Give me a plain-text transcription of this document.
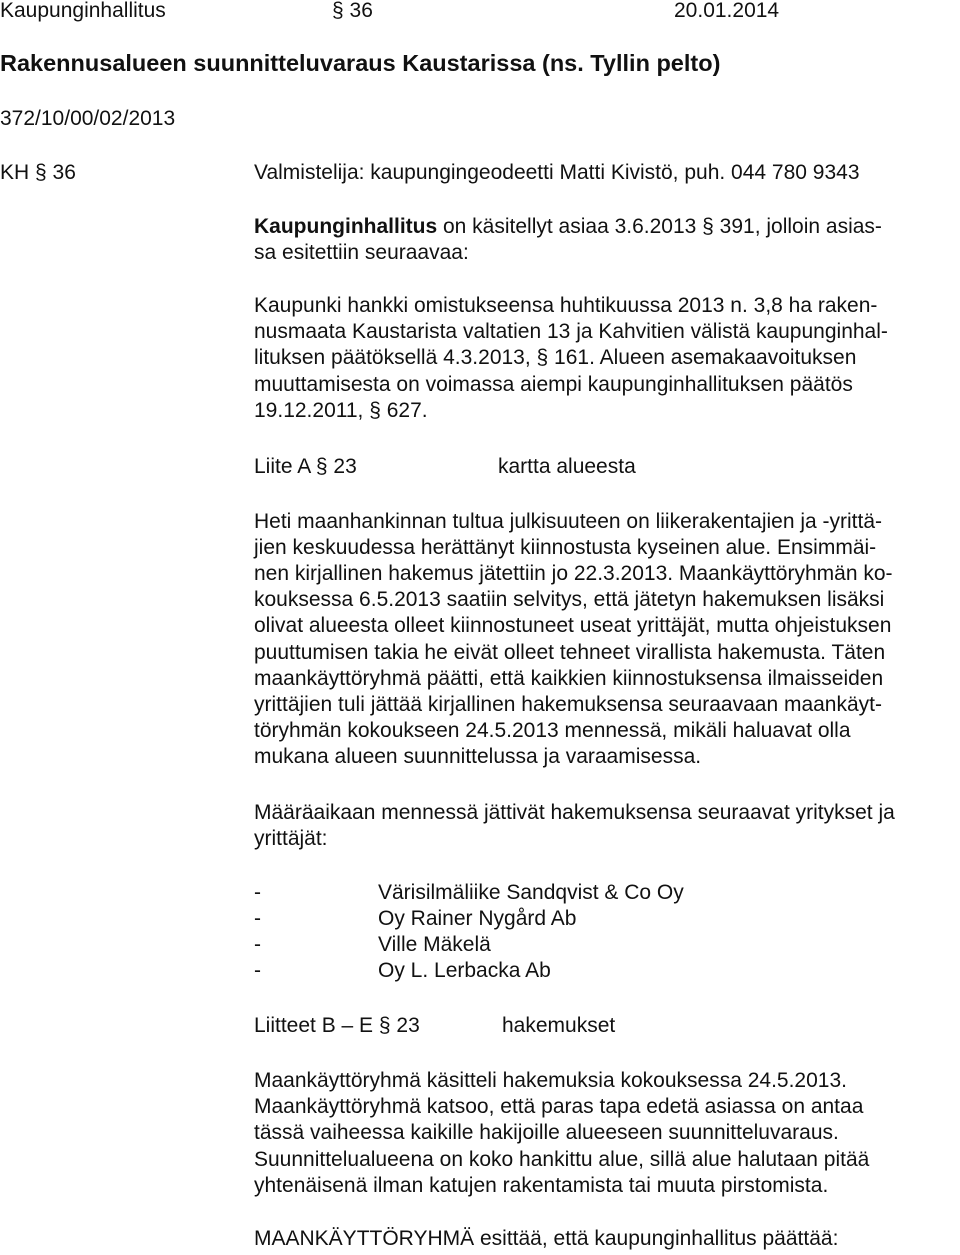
Kaupunginhallitus	§ 36	20.01.2014
Rakennusalueen suunnitteluvaraus Kaustarissa (ns. Tyllin pelto)
372/10/00/02/2013
KH § 36	Valmistelija: kaupungingeodeetti Matti Kivistö, puh. 044 780 9343
Kaupunginhallitus on käsitellyt asiaa 3.6.2013 § 391, jolloin asias-
sa esitettiin seuraavaa:
Kaupunki hankki omistukseensa huhtikuussa 2013 n. 3,8 ha raken-
nusmaata Kaustarista valtatien 13 ja Kahvitien välistä kaupunginhal-
lituksen päätöksellä 4.3.2013, § 161. Alueen asemakaavoituksen
muuttamisesta on voimassa aiempi kaupunginhallituksen päätös
19.12.2011, § 627.
Liite A § 23	kartta alueesta
Heti maanhankinnan tultua julkisuuteen on liikerakentajien ja -yrittä-
jien keskuudessa herättänyt kiinnostusta kyseinen alue. Ensimmäi-
nen kirjallinen hakemus jätettiin jo 22.3.2013. Maankäyttöryhmän ko-
kouksessa 6.5.2013 saatiin selvitys, että jätetyn hakemuksen lisäksi
olivat alueesta olleet kiinnostuneet useat yrittäjät, mutta ohjeistuksen
puuttumisen takia he eivät olleet tehneet virallista hakemusta. Täten
maankäyttöryhmä päätti, että kaikkien kiinnostuksensa ilmaisseiden
yrittäjien tuli jättää kirjallinen hakemuksensa seuraavaan maankäyt-
töryhmän kokoukseen 24.5.2013 mennessä, mikäli haluavat olla
mukana alueen suunnittelussa ja varaamisessa.
Määräaikaan mennessä jättivät hakemuksensa seuraavat yritykset ja
yrittäjät:
-	Värisilmäliike Sandqvist & Co Oy
-	Oy Rainer Nygård Ab
-	Ville Mäkelä
-	Oy L. Lerbacka Ab
Liitteet B – E § 23	hakemukset
Maankäyttöryhmä käsitteli hakemuksia kokouksessa 24.5.2013.
Maankäyttöryhmä katsoo, että paras tapa edetä asiassa on antaa
tässä vaiheessa kaikille hakijoille alueeseen suunnitteluvaraus.
Suunnittelualueena on koko hankittu alue, sillä alue halutaan pitää
yhtenäisenä ilman katujen rakentamista tai muuta pirstomista.
MAANKÄYTTÖRYHMÄ esittää, että kaupunginhallitus päättää:
